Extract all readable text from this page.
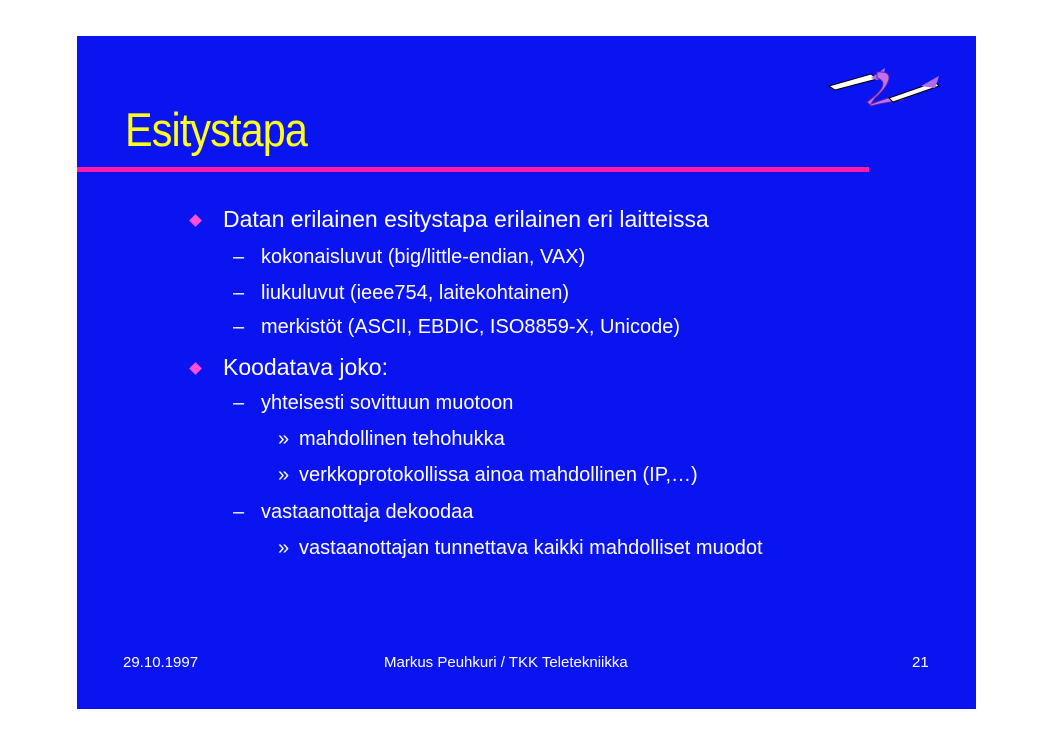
Esitystapa
Datan erilainen esitystapa erilainen eri laitteissa
– kokonaisluvut (big/little-endian, VAX)
– liukuluvut (ieee754, laitekohtainen)
– merkistöt (ASCII, EBDIC, ISO8859-X, Unicode)
Koodatava joko:
– yhteisesti sovittuun muotoon
» mahdollinen tehohukka
» verkkoprotokollissa ainoa mahdollinen (IP,…)
– vastaanottaja dekoodaa
» vastaanottajan tunnettava kaikki mahdolliset muodot
29.10.1997	Markus Peuhkuri / TKK Teletekniikka	21
